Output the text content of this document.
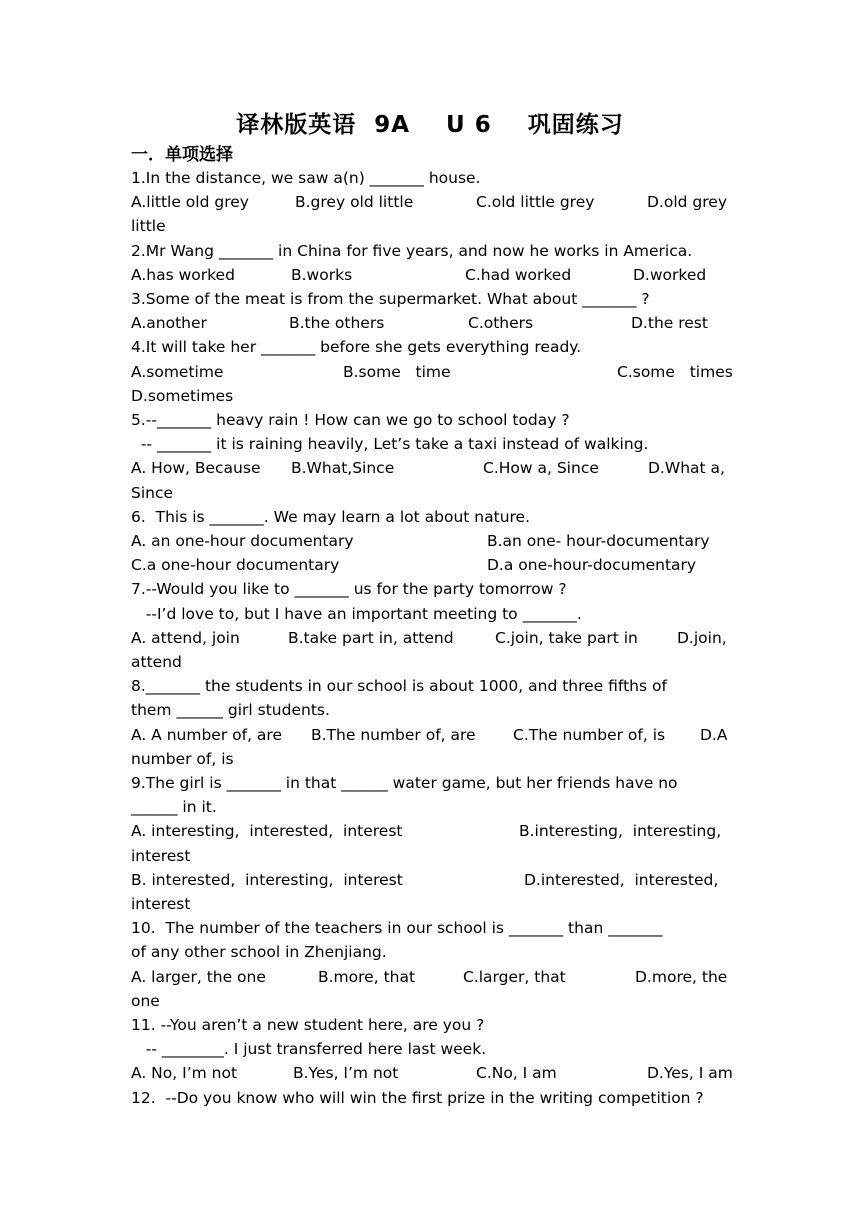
译林版英语  9A    U 6    巩固练习
一．单项选择
1.In the distance, we saw a(n) _______ house.
A.little old grey	B.grey old little	C.old little grey	D.old grey
little
2.Mr Wang _______ in China for five years, and now he works in America.
A.has worked	B.works	C.had worked	D.worked
3.Some of the meat is from the supermarket. What about _______ ?
A.another	B.the others	C.others	D.the rest
4.It will take her _______ before she gets everything ready.
A.sometime	B.some   time	C.some   times
D.sometimes
5.--_______ heavy rain ! How can we go to school today ?
-- _______ it is raining heavily, Let’s take a taxi instead of walking.
A. How, Because B.What,Since	C.How a, Since	D.What a,
Since
6.  This is _______. We may learn a lot about nature.
A. an one-hour documentary	B.an one- hour-documentary
C.a one-hour documentary	D.a one-hour-documentary
7.--Would you like to _______ us for the party tomorrow ?
--I’d love to, but I have an important meeting to _______.
A. attend, join	B.take part in, attend	C.join, take part in	D.join,
attend
8._______ the students in our school is about 1000, and three fifths of
them ______ girl students.
A. A number of, are B.The number of, are C.The number of, is D.A
number of, is
9.The girl is _______ in that ______ water game, but her friends have no
______ in it.
A. interesting,  interested,  interest	B.interesting,  interesting,
interest
B. interested,  interesting,  interest	D.interested,  interested,
interest
10.  The number of the teachers in our school is _______ than _______
of any other school in Zhenjiang.
A. larger, the one	B.more, that	C.larger, that	D.more, the
one
11. --You aren’t a new student here, are you ?
-- ________. I just transferred here last week.
A. No, I’m not	B.Yes, I’m not	C.No, I am	D.Yes, I am
12.  --Do you know who will win the first prize in the writing competition ?
